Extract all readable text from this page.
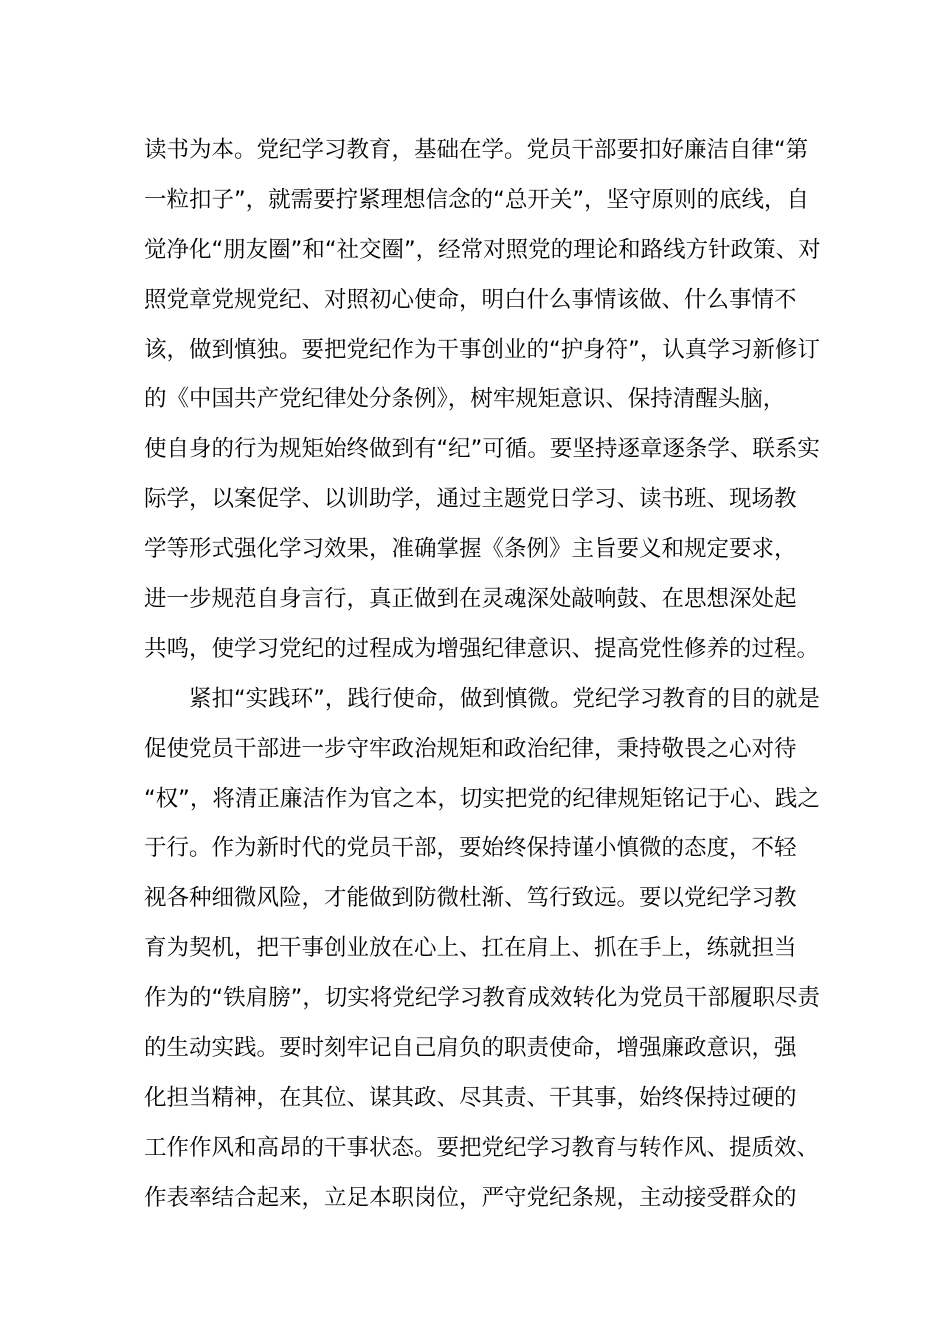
读书为本。党纪学习教育，基础在学。党员干部要扣好廉洁自律“第
一粒扣子”，就需要拧紧理想信念的“总开关”，坚守原则的底线，自
觉净化“朋友圈”和“社交圈”，经常对照党的理论和路线方针政策、对
照党章党规党纪、对照初心使命，明白什么事情该做、什么事情不
该，做到慎独。要把党纪作为干事创业的“护身符”，认真学习新修订
的《中国共产党纪律处分条例》，树牢规矩意识、保持清醒头脑，
使自身的行为规矩始终做到有“纪”可循。要坚持逐章逐条学、联系实
际学，以案促学、以训助学，通过主题党日学习、读书班、现场教
学等形式强化学习效果，准确掌握《条例》主旨要义和规定要求，
进一步规范自身言行，真正做到在灵魂深处敲响鼓、在思想深处起
共鸣，使学习党纪的过程成为增强纪律意识、提高党性修养的过程。
紧扣“实践环”，践行使命，做到慎微。党纪学习教育的目的就是
促使党员干部进一步守牢政治规矩和政治纪律，秉持敬畏之心对待
“权”，将清正廉洁作为官之本，切实把党的纪律规矩铭记于心、践之
于行。作为新时代的党员干部，要始终保持谨小慎微的态度，不轻
视各种细微风险，才能做到防微杜渐、笃行致远。要以党纪学习教
育为契机，把干事创业放在心上、扛在肩上、抓在手上，练就担当
作为的“铁肩膀”，切实将党纪学习教育成效转化为党员干部履职尽责
的生动实践。要时刻牢记自己肩负的职责使命，增强廉政意识，强
化担当精神，在其位、谋其政、尽其责、干其事，始终保持过硬的
工作作风和高昂的干事状态。要把党纪学习教育与转作风、提质效、
作表率结合起来，立足本职岗位，严守党纪条规，主动接受群众的
